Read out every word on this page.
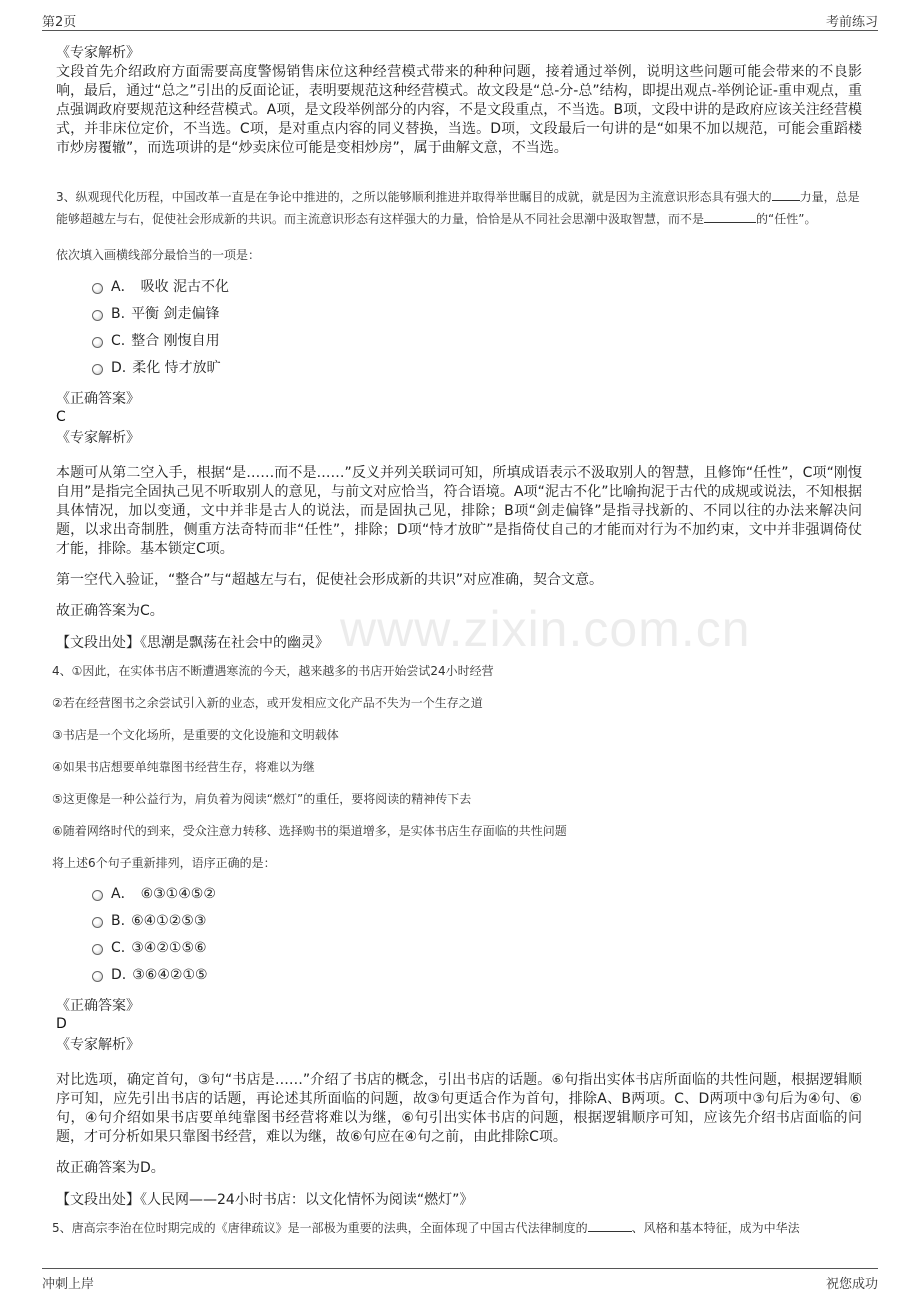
第2页	考前练习
www.zixin.com.cn
《专家解析》
文段首先介绍政府方面需要高度警惕销售床位这种经营模式带来的种种问题，接着通过举例，说明这些问题可能会带来的不良影响，最后，通过“总之”引出的反面论证，表明要规范这种经营模式。故文段是“总-分-总”结构，即提出观点-举例论证-重申观点，重点强调政府要规范这种经营模式。A项，是文段举例部分的内容，不是文段重点，不当选。B项，文段中讲的是政府应该关注经营模式，并非床位定价，不当选。C项，是对重点内容的同义替换，当选。D项，文段最后一句讲的是“如果不加以规范，可能会重蹈楼市炒房覆辙”，而选项讲的是“炒卖床位可能是变相炒房”，属于曲解文意，不当选。
3、纵观现代化历程，中国改革一直是在争论中推进的，之所以能够顺利推进并取得举世瞩目的成就，就是因为主流意识形态具有强大的 力量，总是能够超越左与右，促使社会形成新的共识。而主流意识形态有这样强大的力量，恰恰是从不同社会思潮中汲取智慧，而不是	的“任性”。
依次填入画横线部分最恰当的一项是：
A． 吸收 泥古不化
B. 平衡 剑走偏锋
C. 整合 刚愎自用
D. 柔化 恃才放旷
《正确答案》
C
《专家解析》
本题可从第二空入手，根据“是……而不是……”反义并列关联词可知，所填成语表示不汲取别人的智慧，且修饰“任性”，C项“刚愎自用”是指完全固执己见不听取别人的意见，与前文对应恰当，符合语境。A项“泥古不化”比喻拘泥于古代的成规或说法，不知根据具体情况，加以变通，文中并非是古人的说法，而是固执己见，排除；B项“剑走偏锋”是指寻找新的、不同以往的办法来解决问题，以求出奇制胜，侧重方法奇特而非“任性”，排除；D项“恃才放旷”是指倚仗自己的才能而对行为不加约束，文中并非强调倚仗才能，排除。基本锁定C项。
第一空代入验证，“整合”与“超越左与右，促使社会形成新的共识”对应准确，契合文意。
故正确答案为C。
【文段出处】《思潮是飘荡在社会中的幽灵》
4、①因此，在实体书店不断遭遇寒流的今天，越来越多的书店开始尝试24小时经营
②若在经营图书之余尝试引入新的业态，或开发相应文化产品不失为一个生存之道
③书店是一个文化场所，是重要的文化设施和文明载体
④如果书店想要单纯靠图书经营生存，将难以为继
⑤这更像是一种公益行为，肩负着为阅读“燃灯”的重任，要将阅读的精神传下去
⑥随着网络时代的到来，受众注意力转移、选择购书的渠道增多，是实体书店生存面临的共性问题
将上述6个句子重新排列，语序正确的是：
A． ⑥③①④⑤②
B. ⑥④①②⑤③
C. ③④②①⑤⑥
D. ③⑥④②①⑤
《正确答案》
D
《专家解析》
对比选项，确定首句，③句“书店是……”介绍了书店的概念，引出书店的话题。⑥句指出实体书店所面临的共性问题，根据逻辑顺序可知，应先引出书店的话题，再论述其所面临的问题，故③句更适合作为首句，排除A、B两项。C、D两项中③句后为④句、⑥句，④句介绍如果书店要单纯靠图书经营将难以为继，⑥句引出实体书店的问题，根据逻辑顺序可知，应该先介绍书店面临的问题，才可分析如果只靠图书经营，难以为继，故⑥句应在④句之前，由此排除C项。
故正确答案为D。
【文段出处】《人民网——24小时书店：以文化情怀为阅读“燃灯”》
5、唐高宗李治在位时期完成的《唐律疏议》是一部极为重要的法典，全面体现了中国古代法律制度的	、风格和基本特征，成为中华法
冲刺上岸	祝您成功
